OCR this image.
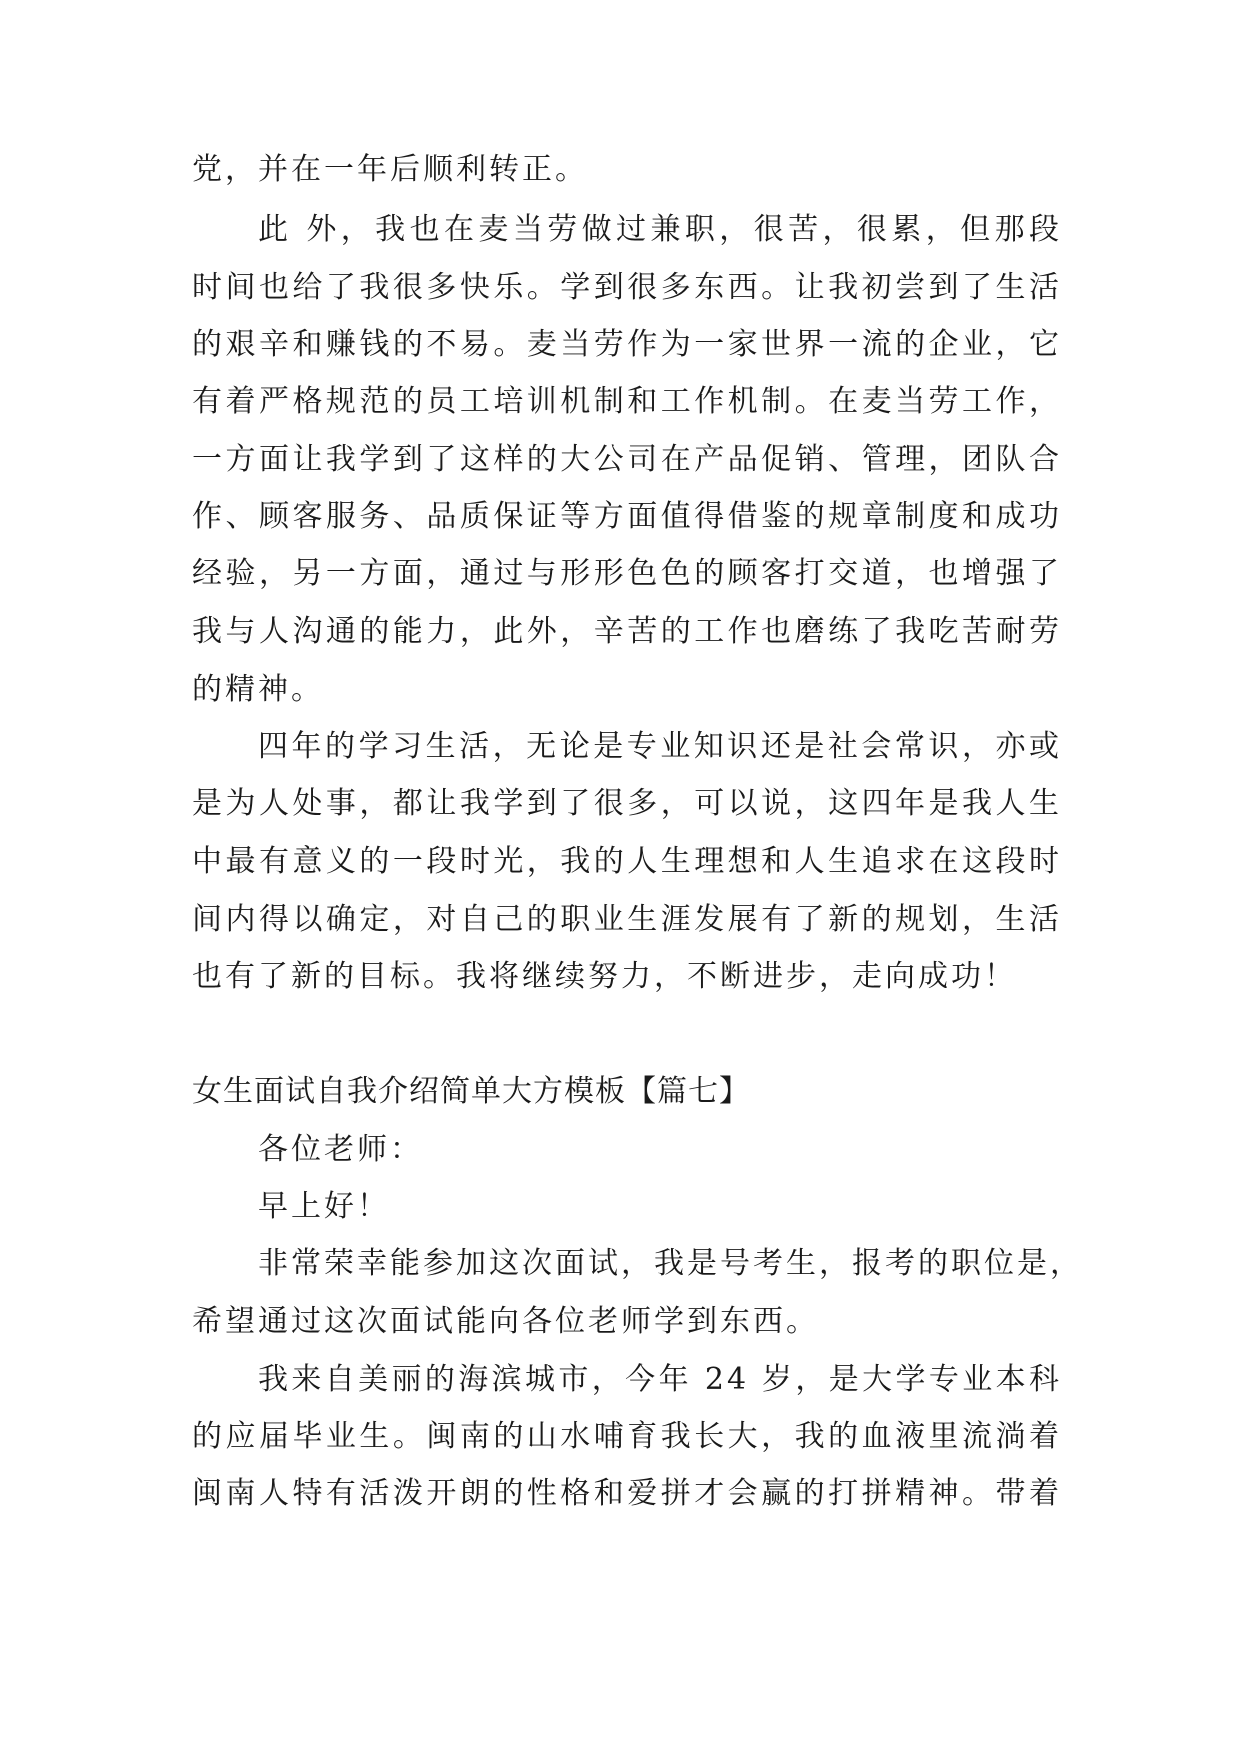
党，并在一年后顺利转正。
此 外，我也在麦当劳做过兼职，很苦，很累，但那段
时间也给了我很多快乐。学到很多东西。让我初尝到了生活
的艰辛和赚钱的不易。麦当劳作为一家世界一流的企业，它
有着严格规范的员工培训机制和工作机制。在麦当劳工作，
一方面让我学到了这样的大公司在产品促销、管理，团队合
作、顾客服务、品质保证等方面值得借鉴的规章制度和成功
经验，另一方面，通过与形形色色的顾客打交道，也增强了
我与人沟通的能力，此外，辛苦的工作也磨练了我吃苦耐劳
的精神。
四年的学习生活，无论是专业知识还是社会常识，亦或
是为人处事，都让我学到了很多，可以说，这四年是我人生
中最有意义的一段时光，我的人生理想和人生追求在这段时
间内得以确定，对自己的职业生涯发展有了新的规划，生活
也有了新的目标。我将继续努力，不断进步，走向成功！
女生面试自我介绍简单大方模板【篇七】
各位老师：
早上好！
非常荣幸能参加这次面试，我是号考生，报考的职位是，
希望通过这次面试能向各位老师学到东西。
我来自美丽的海滨城市，今年 24 岁，是大学专业本科
的应届毕业生。闽南的山水哺育我长大，我的血液里流淌着
闽南人特有活泼开朗的性格和爱拼才会赢的打拼精神。带着
